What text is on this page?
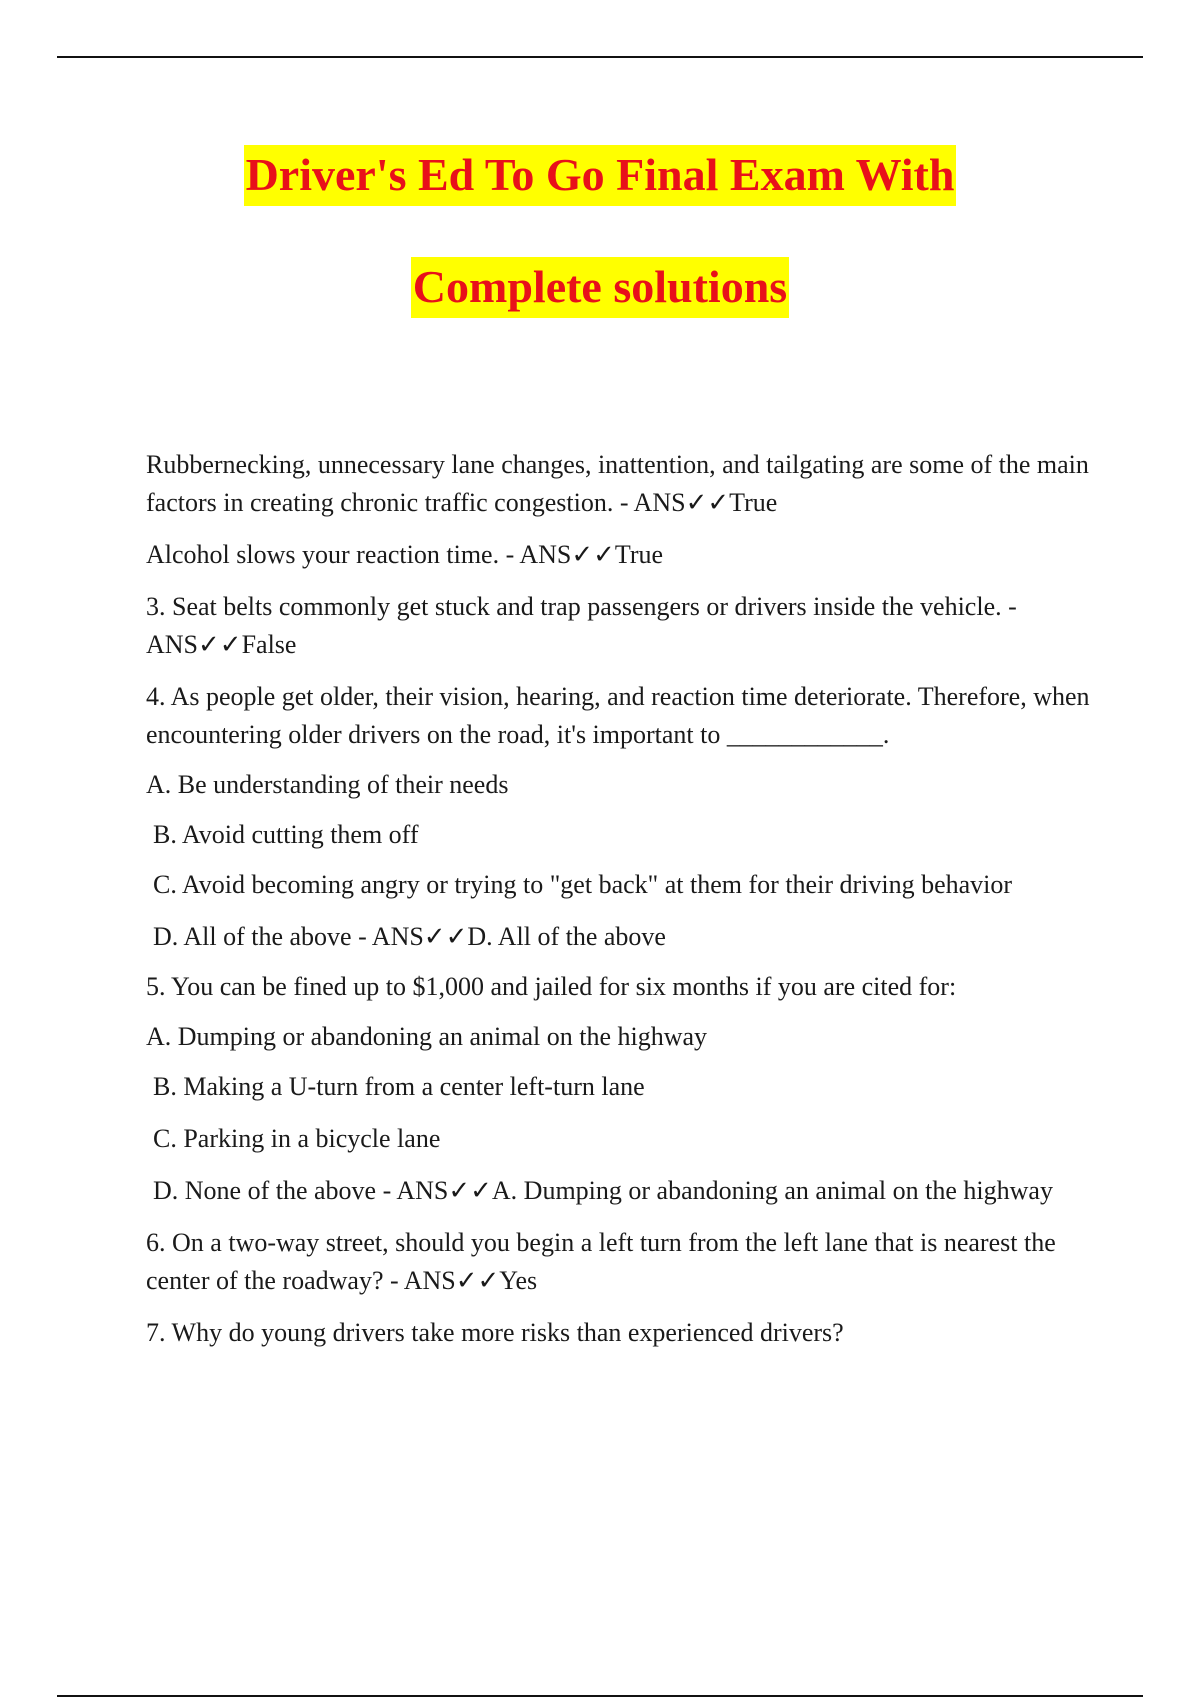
Driver's Ed To Go Final Exam With
Complete solutions

Rubbernecking, unnecessary lane changes, inattention, and tailgating are some of the main factors in creating chronic traffic congestion. - ANS✓✓True

Alcohol slows your reaction time. - ANS✓✓True

3. Seat belts commonly get stuck and trap passengers or drivers inside the vehicle. - ANS✓✓False

4. As people get older, their vision, hearing, and reaction time deteriorate. Therefore, when encountering older drivers on the road, it's important to ____________.

A. Be understanding of their needs

B. Avoid cutting them off

C. Avoid becoming angry or trying to "get back" at them for their driving behavior

D. All of the above - ANS✓✓D. All of the above

5. You can be fined up to $1,000 and jailed for six months if you are cited for:

A. Dumping or abandoning an animal on the highway

B. Making a U-turn from a center left-turn lane

C. Parking in a bicycle lane

D. None of the above - ANS✓✓A. Dumping or abandoning an animal on the highway

6. On a two-way street, should you begin a left turn from the left lane that is nearest the center of the roadway? - ANS✓✓Yes

7. Why do young drivers take more risks than experienced drivers?
